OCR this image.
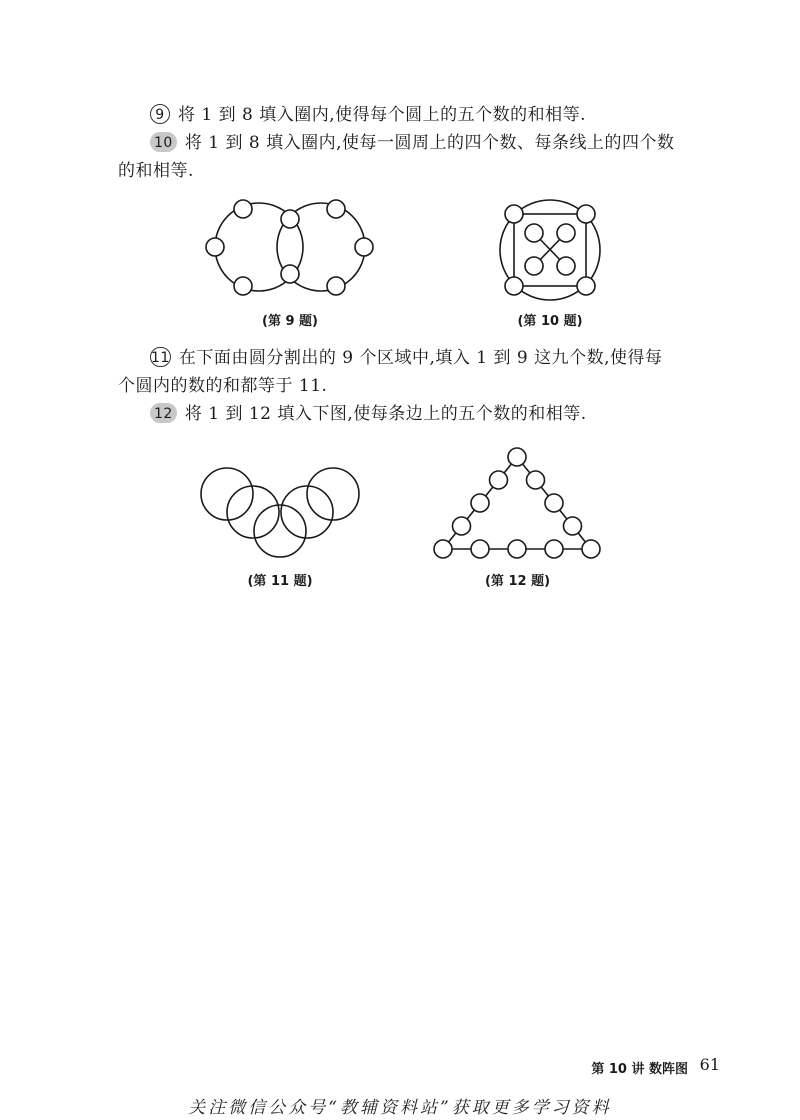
9 将 1 到 8 填入圈内,使得每个圆上的五个数的和相等.
10 将 1 到 8 填入圈内,使每一圆周上的四个数、每条线上的四个数
的和相等.
(第 9 题)	(第 10 题)
11 在下面由圆分割出的 9 个区域中,填入 1 到 9 这九个数,使得每
个圆内的数的和都等于 11.
12 将 1 到 12 填入下图,使每条边上的五个数的和相等.
(第 11 题)	(第 12 题)
第 10 讲 数阵图 61
关注微信公众号“教辅资料站”获取更多学习资料
